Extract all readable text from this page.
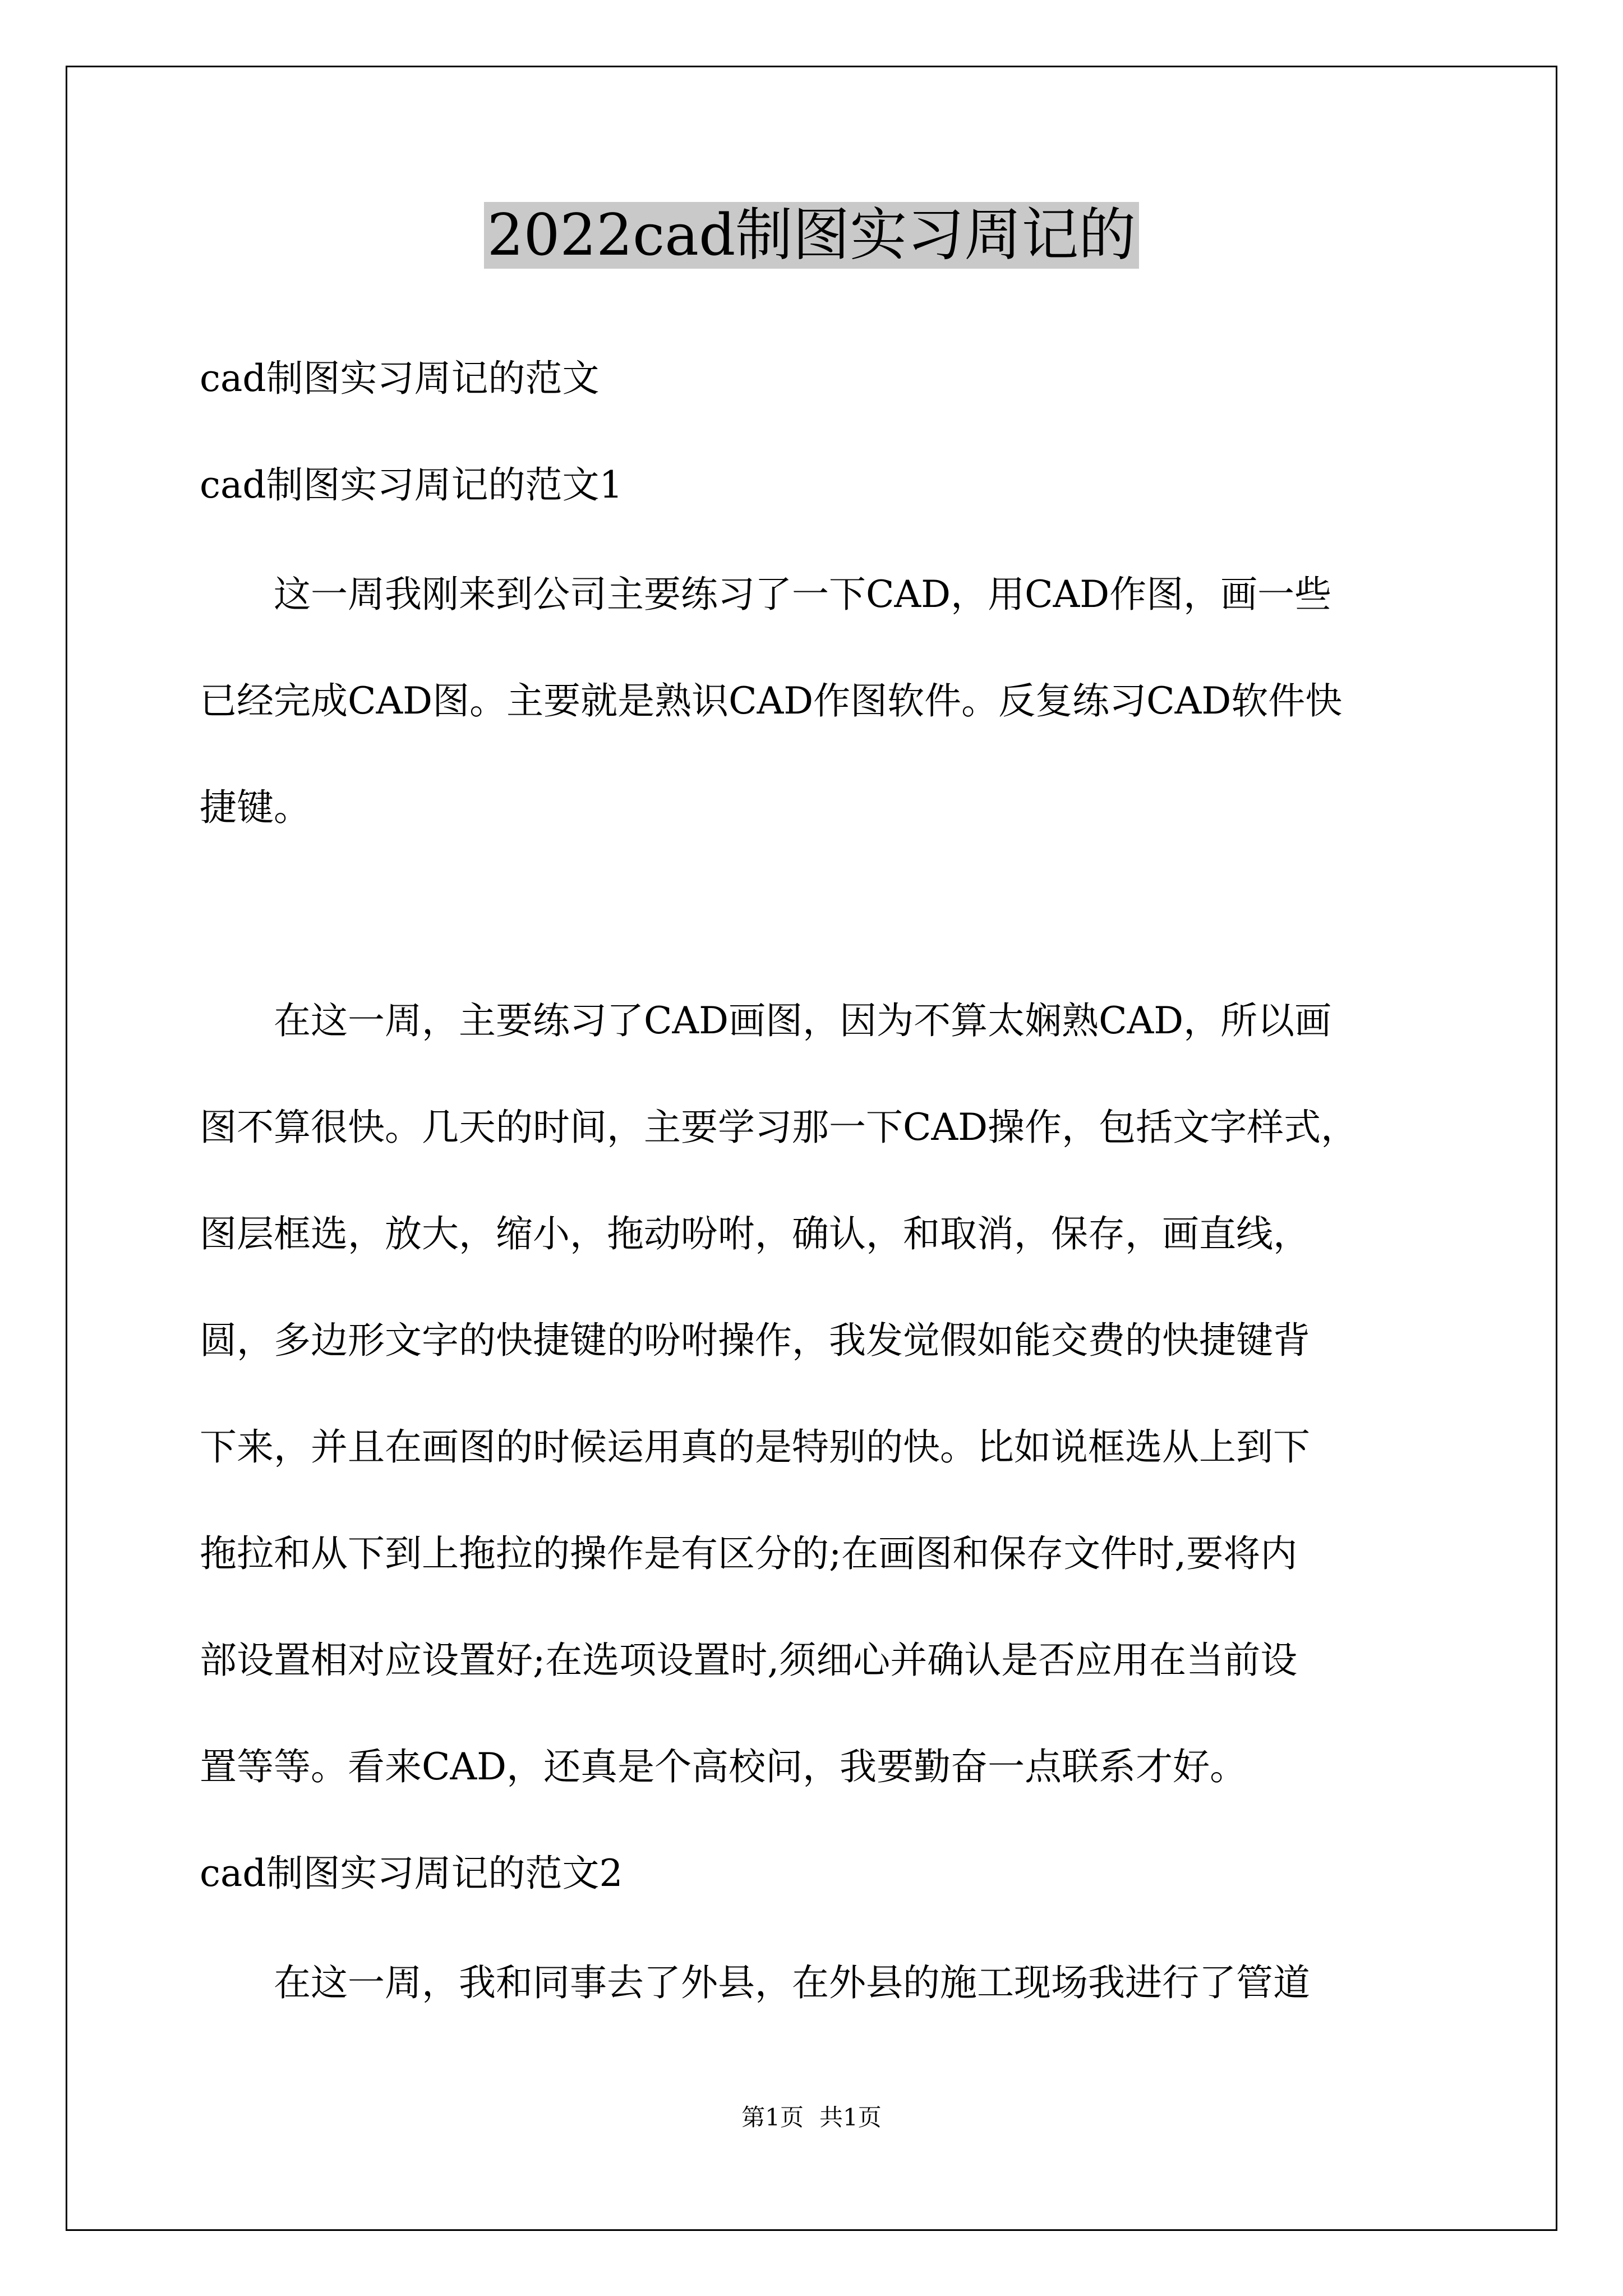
2022cad制图实习周记的
cad制图实习周记的范文
cad制图实习周记的范文1
　　这一周我刚来到公司主要练习了一下CAD，用CAD作图，画一些
已经完成CAD图。主要就是熟识CAD作图软件。反复练习CAD软件快
捷键。
　　在这一周，主要练习了CAD画图，因为不算太娴熟CAD，所以画
图不算很快。几天的时间，主要学习那一下CAD操作，包括文字样式，
图层框选，放大，缩小，拖动吩咐，确认，和取消，保存，画直线，
圆，多边形文字的快捷键的吩咐操作，我发觉假如能交费的快捷键背
下来，并且在画图的时候运用真的是特别的快。比如说框选从上到下
拖拉和从下到上拖拉的操作是有区分的;在画图和保存文件时,要将内
部设置相对应设置好;在选项设置时,须细心并确认是否应用在当前设
置等等。看来CAD，还真是个高校问，我要勤奋一点联系才好。
cad制图实习周记的范文2
　　在这一周，我和同事去了外县，在外县的施工现场我进行了管道
第1页 共1页
